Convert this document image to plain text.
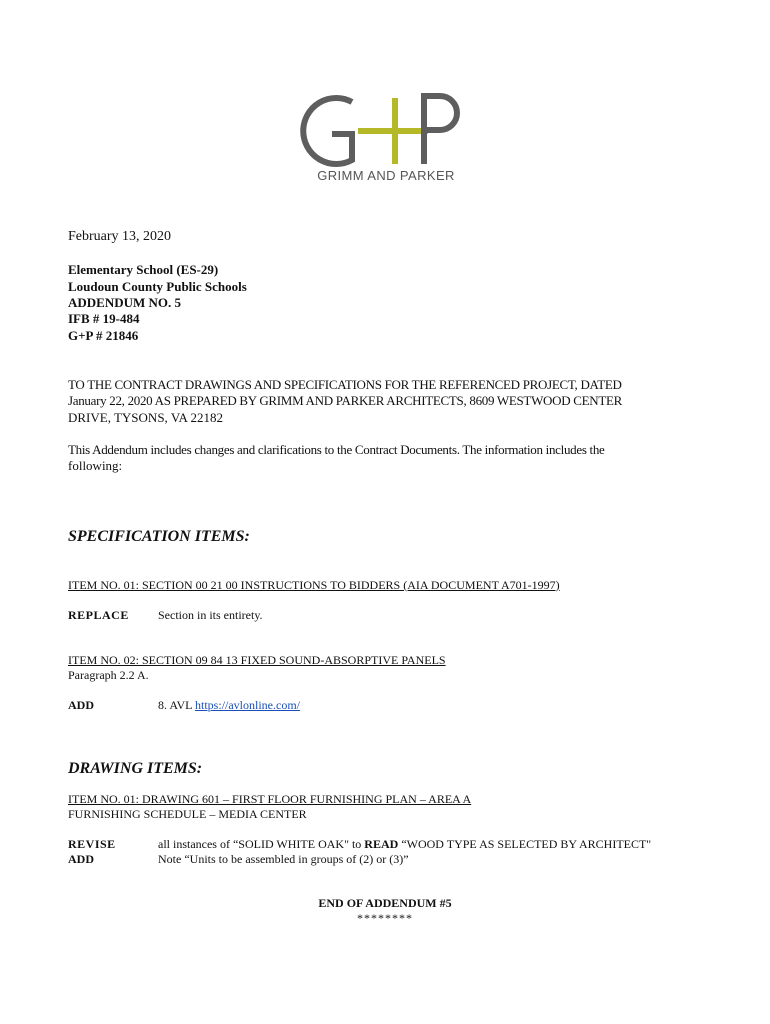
GRIMM AND PARKER
February 13, 2020
Elementary School (ES-29)
Loudoun County Public Schools
ADDENDUM NO. 5
IFB # 19-484
G+P # 21846
TO THE CONTRACT DRAWINGS AND SPECIFICATIONS FOR THE REFERENCED PROJECT, DATED
January 22, 2020 AS PREPARED BY GRIMM AND PARKER ARCHITECTS, 8609 WESTWOOD CENTER
DRIVE, TYSONS, VA 22182
This Addendum includes changes and clarifications to the Contract Documents. The information includes the
following:
SPECIFICATION ITEMS:
ITEM NO. 01: SECTION 00 21 00 INSTRUCTIONS TO BIDDERS (AIA DOCUMENT A701-1997)
REPLACE Section in its entirety.
ITEM NO. 02: SECTION 09 84 13 FIXED SOUND-ABSORPTIVE PANELS
Paragraph 2.2 A.
ADD	8. AVL https://avlonline.com/
DRAWING ITEMS:
ITEM NO. 01: DRAWING 601 – FIRST FLOOR FURNISHING PLAN – AREA A
FURNISHING SCHEDULE – MEDIA CENTER
REVISE	all instances of “SOLID WHITE OAK" to READ “WOOD TYPE AS SELECTED BY ARCHITECT"
ADD	Note “Units to be assembled in groups of (2) or (3)”
END OF ADDENDUM #5
********
